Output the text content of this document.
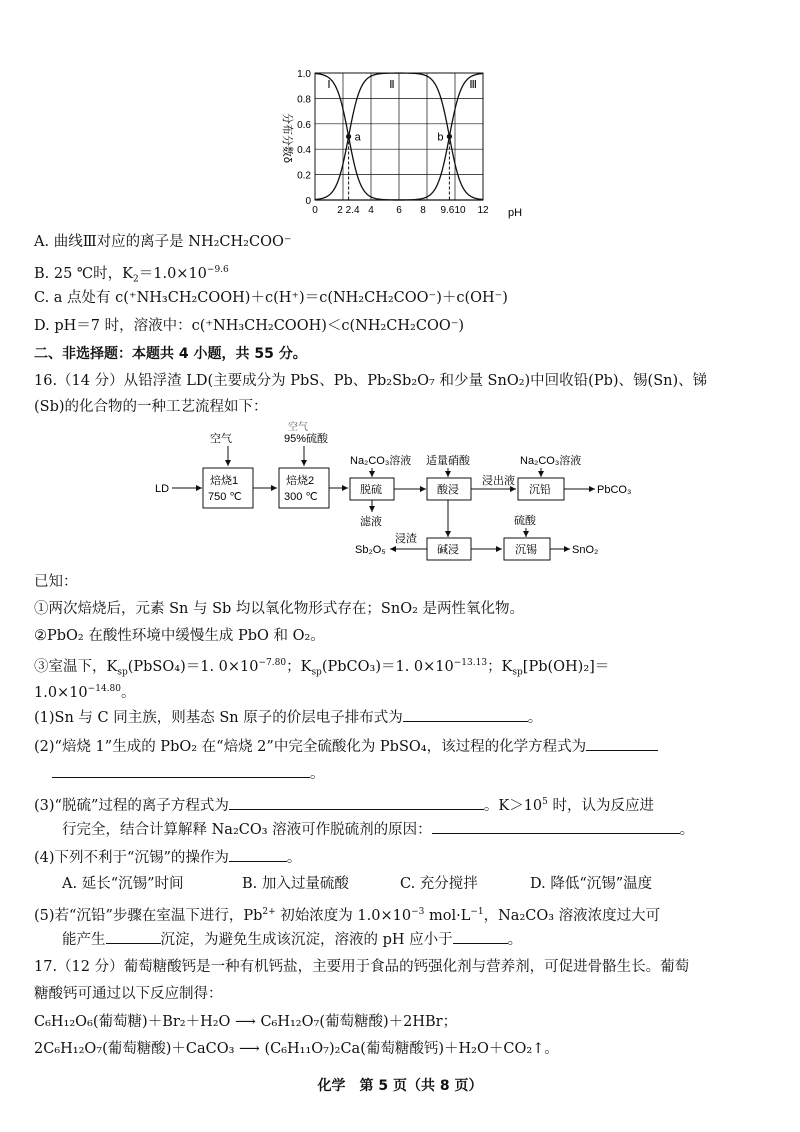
Ⅰ	Ⅱ	Ⅲ
a	b
0
0.2
0.4
0.6
0.8
1.0
0 2 2.4 4 6 8 9.6 10 12
分布分数δ
pH
A. 曲线Ⅲ对应的离子是 NH₂CH₂COO⁻
B. 25 ℃时，$K_2=1.0\times 10^{-9.6}$
C. a 点处有 c(⁺NH₃CH₂COOH)＋c(H⁺)＝c(NH₂CH₂COO⁻)＋c(OH⁻)
D. pH＝7 时，溶液中：c(⁺NH₃CH₂COOH)＜c(NH₂CH₂COO⁻)
二、非选择题：本题共 4 小题，共 55 分。
16.（14 分）从铅浮渣 LD(主要成分为 PbS、Pb、Pb₂Sb₂O₇ 和少量 SnO₂)中回收铅(Pb)、锡(Sn)、锑
(Sb)的化合物的一种工艺流程如下：
LD
空气
焙烧1
750 ℃
空气
95%硫酸
焙烧2
300 ℃
Na₂CO₃溶液
脱硫
滤液
适量硝酸
酸浸
浸出液
Na₂CO₃溶液
沉铅	PbCO₃
碱浸
浸渣
Sb₂O₅
硫酸
沉锡	SnO₂
已知：
①两次焙烧后，元素 Sn 与 Sb 均以氧化物形式存在；SnO₂ 是两性氧化物。
②PbO₂ 在酸性环境中缓慢生成 PbO 和 O₂。
③室温下，$K_{sp}(PbSO_4)=1$. $0\times 10^{-7.80}$；$K_{sp}(PbCO_3)=1$. $0\times 10^{-13.13}$；$K_{sp}[Pb(OH)_2]=$
$1.0\times 10^{-14.80}$。
(1)Sn 与 C 同主族，则基态 Sn 原子的价层电子排布式为	。
(2)“焙烧 1”生成的 PbO₂ 在“焙烧 2”中完全硫酸化为 PbSO₄，该过程的化学方程式为
。
(3)“脱硫”过程的离子方程式为	。$K>10^5$ 时，认为反应进
行完全，结合计算解释 Na₂CO₃ 溶液可作脱硫剂的原因：	。
(4)下列不利于“沉锡”的操作为	。
A. 延长“沉锡”时间	B. 加入过量硫酸	C. 充分搅拌	D. 降低“沉锡”温度
(5)若“沉铅”步骤在室温下进行，$Pb^{2+}$ 初始浓度为 $1.0\times 10^{-3}$ $mol\cdot L^{-1}$，Na₂CO₃ 溶液浓度过大可
能产生	沉淀，为避免生成该沉淀，溶液的 pH 应小于	。
17.（12 分）葡萄糖酸钙是一种有机钙盐，主要用于食品的钙强化剂与营养剂，可促进骨骼生长。葡萄
糖酸钙可通过以下反应制得：
C₆H₁₂O₆(葡萄糖)＋Br₂＋H₂O ⟶ C₆H₁₂O₇(葡萄糖酸)＋2HBr；
2C₆H₁₂O₇(葡萄糖酸)＋CaCO₃ ⟶ (C₆H₁₁O₇)₂Ca(葡萄糖酸钙)＋H₂O＋CO₂↑。
化学　第 5 页（共 8 页）
